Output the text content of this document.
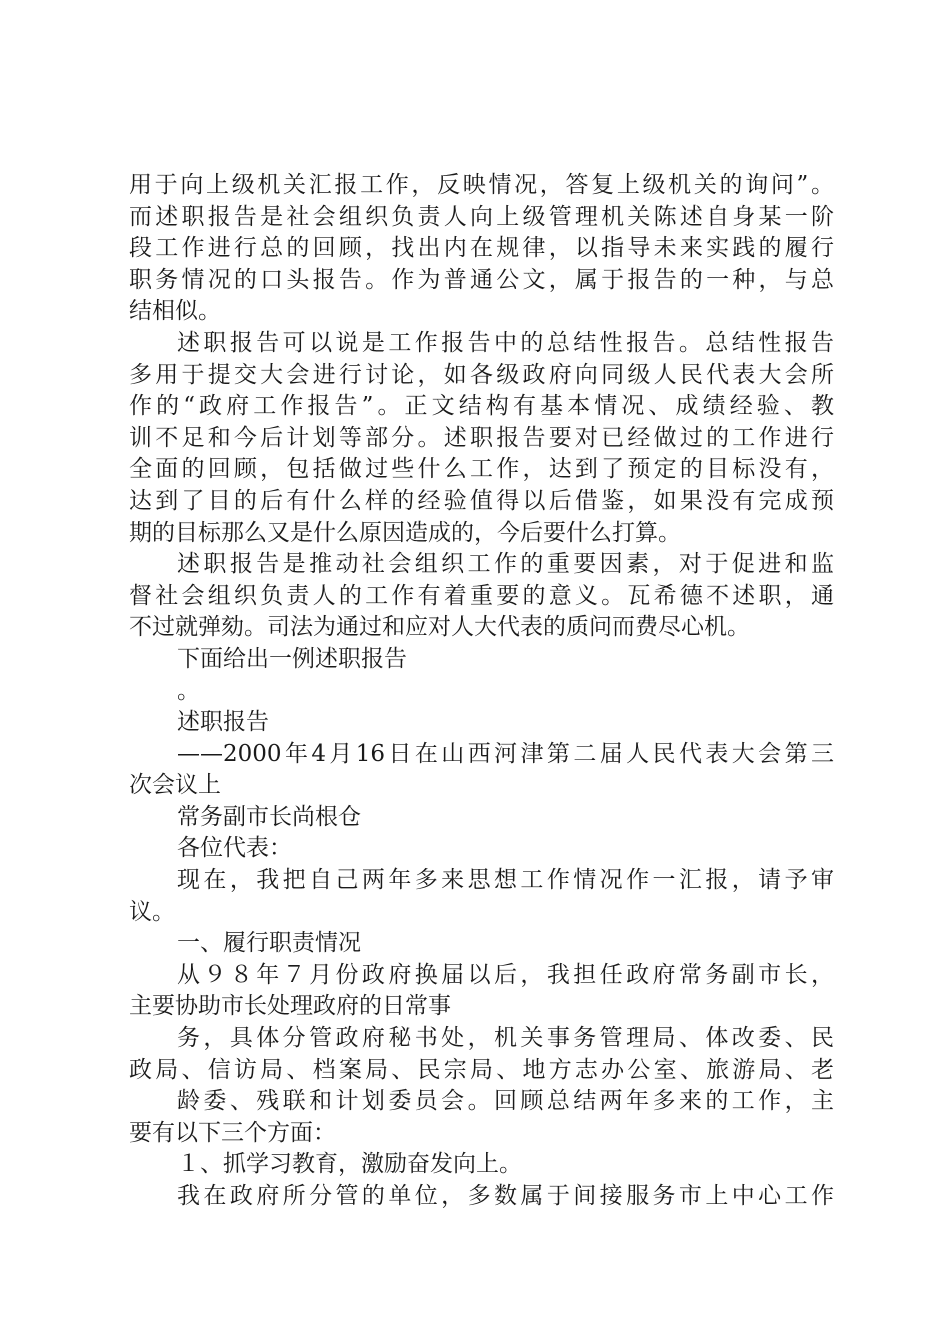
用于向上级机关汇报工作，反映情况，答复上级机关的询问”。
而述职报告是社会组织负责人向上级管理机关陈述自身某一阶
段工作进行总的回顾，找出内在规律，以指导未来实践的履行
职务情况的口头报告。作为普通公文，属于报告的一种，与总
结相似。
述职报告可以说是工作报告中的总结性报告。总结性报告
多用于提交大会进行讨论，如各级政府向同级人民代表大会所
作的“政府工作报告”。正文结构有基本情况、成绩经验、教
训不足和今后计划等部分。述职报告要对已经做过的工作进行
全面的回顾，包括做过些什么工作，达到了预定的目标没有，
达到了目的后有什么样的经验值得以后借鉴，如果没有完成预
期的目标那么又是什么原因造成的，今后要什么打算。
述职报告是推动社会组织工作的重要因素，对于促进和监
督社会组织负责人的工作有着重要的意义。瓦希德不述职，通
不过就弹劾。司法为通过和应对人大代表的质问而费尽心机。
下面给出一例述职报告
。
述职报告
——2000年4月16日在山西河津第二届人民代表大会第三
次会议上
常务副市长尚根仓
各位代表：
现在，我把自己两年多来思想工作情况作一汇报，请予审
议。
一、履行职责情况
从９８年７月份政府换届以后，我担任政府常务副市长，
主要协助市长处理政府的日常事
务，具体分管政府秘书处，机关事务管理局、体改委、民
政局、信访局、档案局、民宗局、地方志办公室、旅游局、老
龄委、残联和计划委员会。回顾总结两年多来的工作，主
要有以下三个方面：
１、抓学习教育，激励奋发向上。
我在政府所分管的单位，多数属于间接服务市上中心工作
